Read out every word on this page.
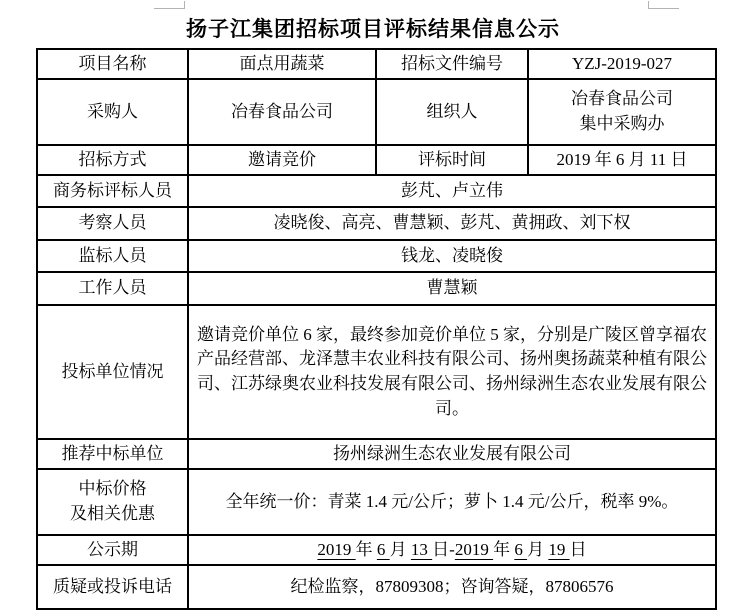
扬子江集团招标项目评标结果信息公示
项目名称	面点用蔬菜	招标文件编号	YZJ-2019-027
采购人	冶春食品公司	组织人	冶春食品公司
集中采购办

招标方式	邀请竞价	评标时间	2019 年 6 月 11 日
商务标评标人员	彭芃、卢立伟		
考察人员	凌晓俊、高亮、曹慧颖、彭芃、黄拥政、刘下权		
监标人员	钱龙、凌晓俊		
工作人员	曹慧颖		
投标单位情况	邀请竞价单位 6 家，最终参加竞价单位 5 家，分别是广陵区曾享福农产品经营部、龙泽慧丰农业科技有限公司、扬州奥扬蔬菜种植有限公司、江苏绿奥农业科技发展有限公司、扬州绿洲生态农业发展有限公司。		
推荐中标单位	扬州绿洲生态农业发展有限公司		

中标价格
及相关优惠	全年统一价：青菜 1.4 元/公斤；萝卜 1.4 元/公斤，税率 9%。		
公示期	2019 年 6 月 13 日-2019 年 6 月 19 日		
质疑或投诉电话	纪检监察，87809308；咨询答疑，87806576		
